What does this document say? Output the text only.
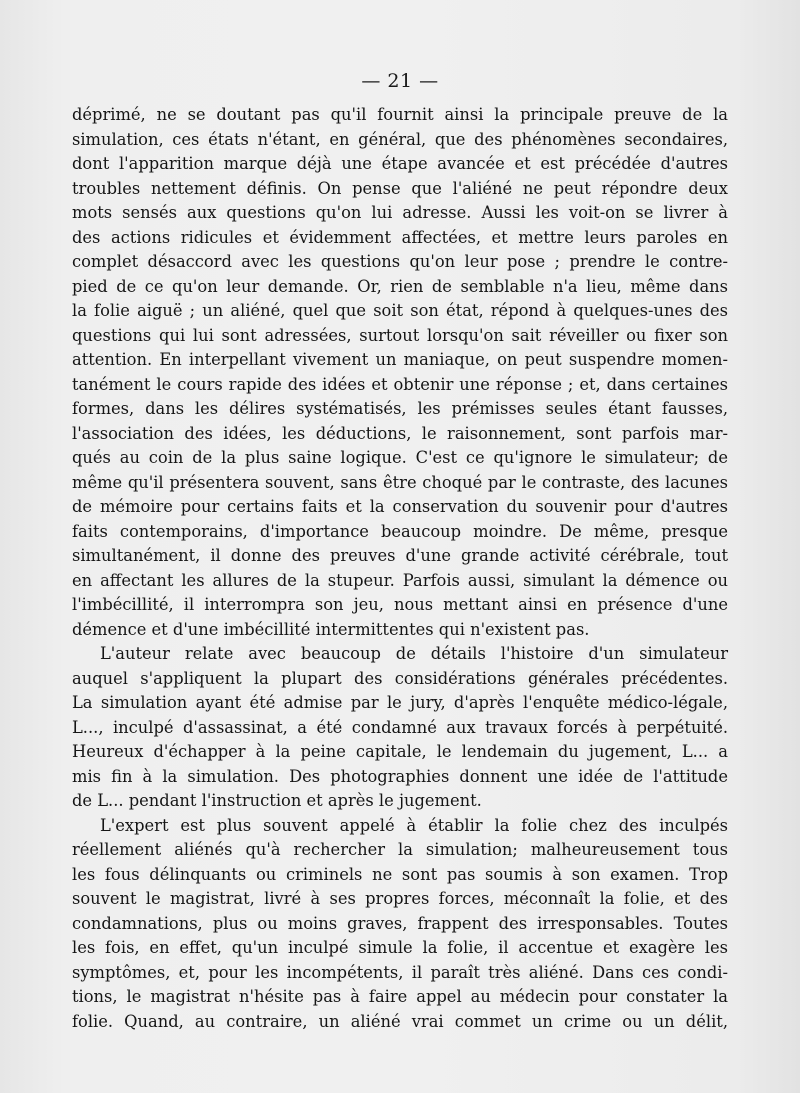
— 21 —
déprimé, ne se doutant pas qu'il fournit ainsi la principale preuve de la
simulation, ces états n'étant, en général, que des phénomènes secondaires,
dont l'apparition marque déjà une étape avancée et est précédée d'autres
troubles nettement définis. On pense que l'aliéné ne peut répondre deux
mots sensés aux questions qu'on lui adresse. Aussi les voit-on se livrer à
des actions ridicules et évidemment affectées, et mettre leurs paroles en
complet désaccord avec les questions qu'on leur pose ; prendre le contre-
pied de ce qu'on leur demande. Or, rien de semblable n'a lieu, même dans
la folie aiguë ; un aliéné, quel que soit son état, répond à quelques-unes des
questions qui lui sont adressées, surtout lorsqu'on sait réveiller ou fixer son
attention. En interpellant vivement un maniaque, on peut suspendre momen-
tanément le cours rapide des idées et obtenir une réponse ; et, dans certaines
formes, dans les délires systématisés, les prémisses seules étant fausses,
l'association des idées, les déductions, le raisonnement, sont parfois mar-
qués au coin de la plus saine logique. C'est ce qu'ignore le simulateur; de
même qu'il présentera souvent, sans être choqué par le contraste, des lacunes
de mémoire pour certains faits et la conservation du souvenir pour d'autres
faits contemporains, d'importance beaucoup moindre. De même, presque
simultanément, il donne des preuves d'une grande activité cérébrale, tout
en affectant les allures de la stupeur. Parfois aussi, simulant la démence ou
l'imbécillité, il interrompra son jeu, nous mettant ainsi en présence d'une
démence et d'une imbécillité intermittentes qui n'existent pas.
L'auteur relate avec beaucoup de détails l'histoire d'un simulateur
auquel s'appliquent la plupart des considérations générales précédentes.
La simulation ayant été admise par le jury, d'après l'enquête médico-légale,
L..., inculpé d'assassinat, a été condamné aux travaux forcés à perpétuité.
Heureux d'échapper à la peine capitale, le lendemain du jugement, L... a
mis fin à la simulation. Des photographies donnent une idée de l'attitude
de L... pendant l'instruction et après le jugement.
L'expert est plus souvent appelé à établir la folie chez des inculpés
réellement aliénés qu'à rechercher la simulation; malheureusement tous
les fous délinquants ou criminels ne sont pas soumis à son examen. Trop
souvent le magistrat, livré à ses propres forces, méconnaît la folie, et des
condamnations, plus ou moins graves, frappent des irresponsables. Toutes
les fois, en effet, qu'un inculpé simule la folie, il accentue et exagère les
symptômes, et, pour les incompétents, il paraît très aliéné. Dans ces condi-
tions, le magistrat n'hésite pas à faire appel au médecin pour constater la
folie. Quand, au contraire, un aliéné vrai commet un crime ou un délit,
